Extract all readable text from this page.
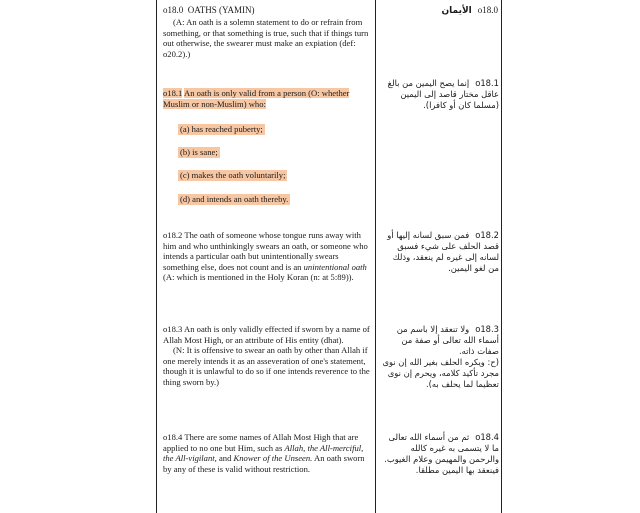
o18.0 OATHS (YAMIN)	الأيمان o18.0
(A: An oath is a solemn statement to do or refrain from something, or that something is true, such that if things turn out otherwise, the swearer must make an expiation (def: o20.2).)
o18.1 An oath is only valid from a person (O: whether Muslim or non-Muslim) who:
(a) has reached puberty;
(b) is sane;
(c) makes the oath voluntarily;
(d) and intends an oath thereby.
o18.1إنما يصح اليمين من بالغ عاقل مختار قاصد إلى اليمين (مسلما كان أو كافرا).
o18.2 The oath of someone whose tongue runs away with him and who unthinkingly swears an oath, or someone who intends a particular oath but unintentionally swears something else, does not count and is an unintentional oath (A: which is mentioned in the Holy Koran (n: at 5:89)).
o18.2فمن سبق لسانه إليها أو قصد الحلف على شيء فسبق لسانه إلى غيره لم ينعقد، وذلك من لغو اليمين.
o18.3 An oath is only validly effected if sworn by a name of Allah Most High, or an attribute of His entity (dhat).
(N: It is offensive to swear an oath by other than Allah if one merely intends it as an asseveration of one's statement, though it is unlawful to do so if one intends reverence to the thing sworn by.)
o18.3ولا تنعقد إلا باسم من أسماء الله تعالى أو صفة من صفات ذاته.
(ح: ويكره الحلف بغير الله إن نوى مجرد تأكيد كلامه، ويحرم إن نوى تعظيما لما يحلف به).
o18.4 There are some names of Allah Most High that are applied to no one but Him, such as Allah, the All-merciful, the All-vigilant, and Knower of the Unseen. An oath sworn by any of these is valid without restriction.
o18.4ثم من أسماء الله تعالى ما لا يتسمى به غيره كالله والرحمن والمهيمن وعلام الغيوب. فينعقد بها اليمين مطلقا.
